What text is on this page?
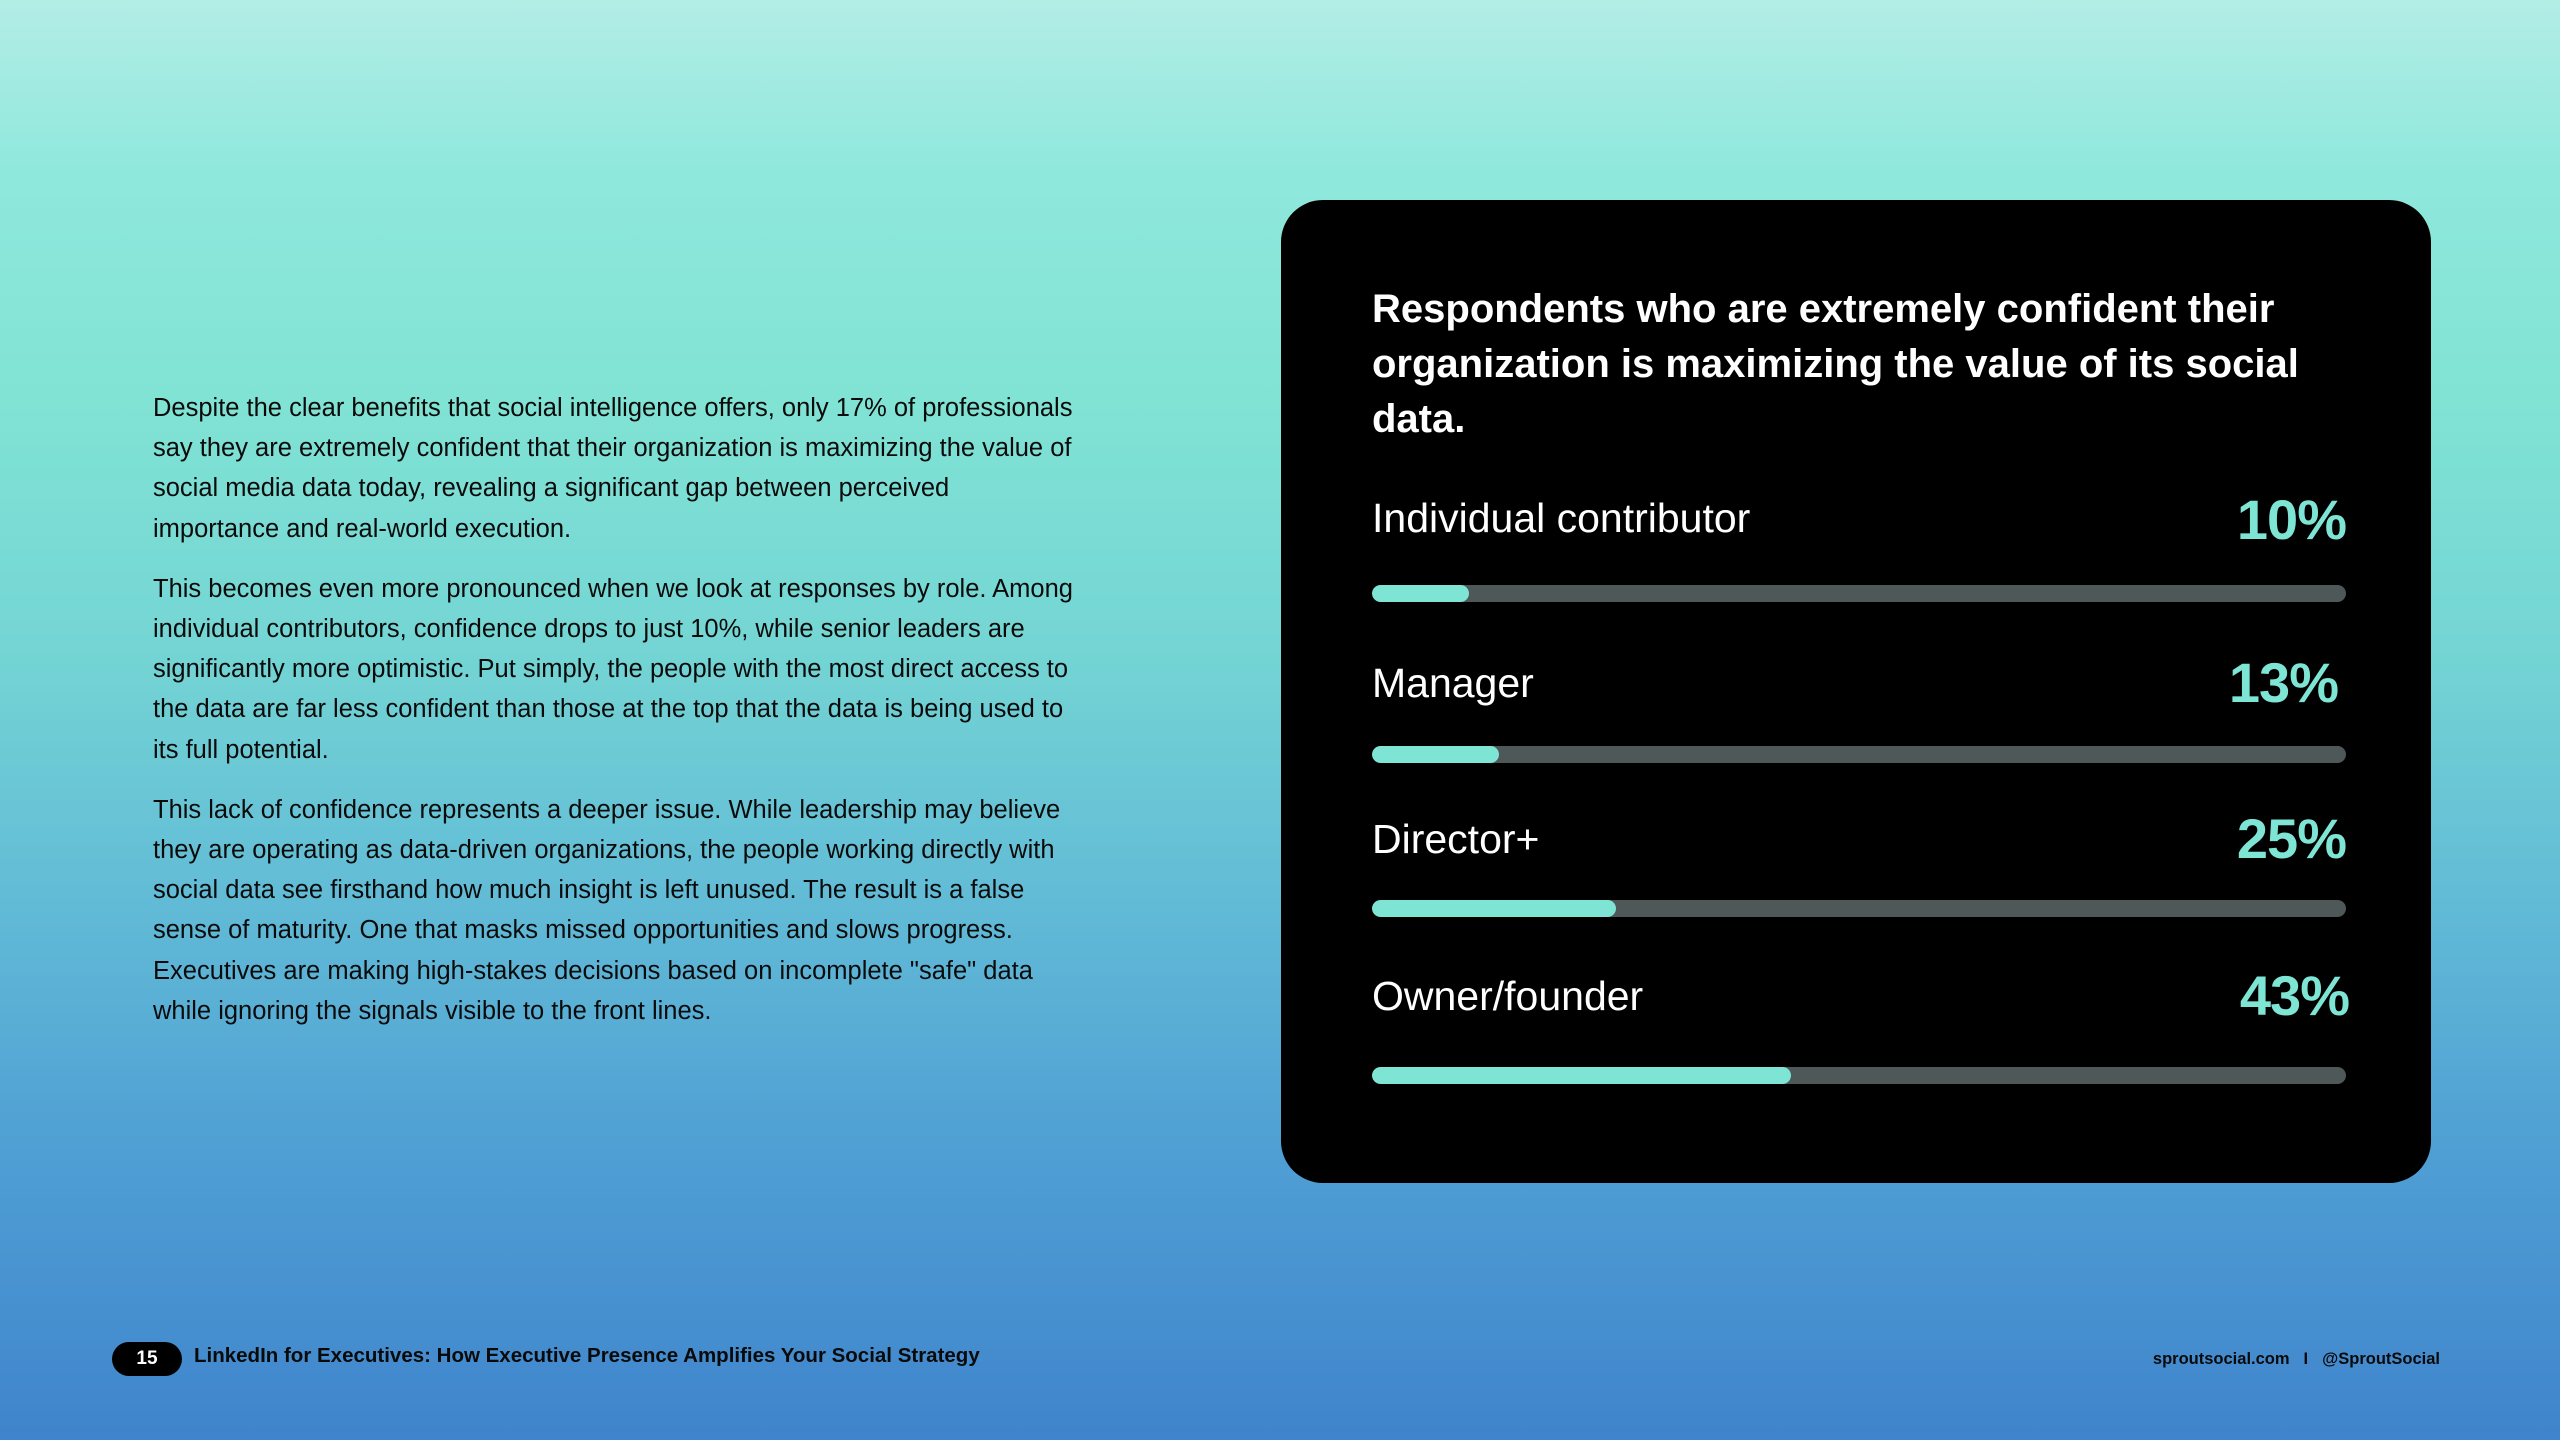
Despite the clear benefits that social intelligence offers, only 17% of professionals say they are extremely confident that their organization is maximizing the value of social media data today, revealing a significant gap between perceived importance and real-world execution.

This becomes even more pronounced when we look at responses by role. Among individual contributors, confidence drops to just 10%, while senior leaders are significantly more optimistic. Put simply, the people with the most direct access to the data are far less confident than those at the top that the data is being used to its full potential.

This lack of confidence represents a deeper issue. While leadership may believe they are operating as data-driven organizations, the people working directly with social data see firsthand how much insight is left unused. The result is a false sense of maturity. One that masks missed opportunities and slows progress. Executives are making high-stakes decisions based on incomplete "safe" data while ignoring the signals visible to the front lines.

Respondents who are extremely confident their organization is maximizing the value of its social data.
Individual contributor	10%
Manager	13%
Director+	25%
Owner/founder	43%
15	LinkedIn for Executives: How Executive Presence Amplifies Your Social Strategy	sproutsocial.com I @SproutSocial
